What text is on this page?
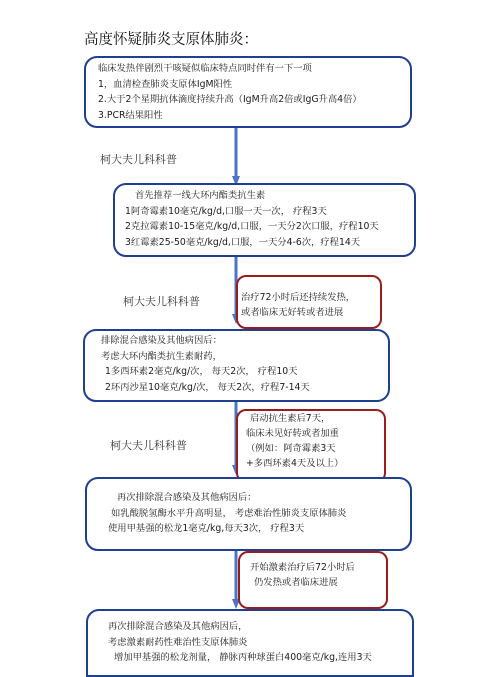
高度怀疑肺炎支原体肺炎：
临床发热伴剧烈干咳疑似临床特点同时伴有一下一项
1，血清检查肺炎支原体IgM阳性
2.大于2个星期抗体滴度持续升高（IgM升高2倍或IgG升高4倍）
3.PCR结果阳性
柯大夫儿科科普
首先推荐一线大环内酯类抗生素
1阿奇霉素10毫克/kg/d,口服一天一次， 疗程3天
2克拉霉素10-15毫克/kg/d,口服，一天分2次口服，疗程10天
3红霉素25-50毫克/kg/d,口服，一天分4-6次，疗程14天
柯大夫儿科科普	治疗72小时后还持续发热，
或者临床无好转或者进展
排除混合感染及其他病因后：
考虑大环内酯类抗生素耐药，
1多西环素2毫克/kg/次， 每天2次， 疗程10天
2环丙沙星10毫克/kg/次， 每天2次，疗程7-14天
柯大夫儿科科普
启动抗生素后7天，
临床未见好转或者加重
（例如：阿奇霉素3天
+多西环素4天及以上）
再次排除混合感染及其他病因后：
如乳酸脱氢酶水平升高明显， 考虑难治性肺炎支原体肺炎
使用甲基强的松龙1毫克/kg,每天3次， 疗程3天
开始激素治疗后72小时后
仍发热或者临床进展
再次排除混合感染及其他病因后，
考虑激素耐药性难治性支原体肺炎
增加甲基强的松龙剂量， 静脉丙种球蛋白400毫克/kg,连用3天
